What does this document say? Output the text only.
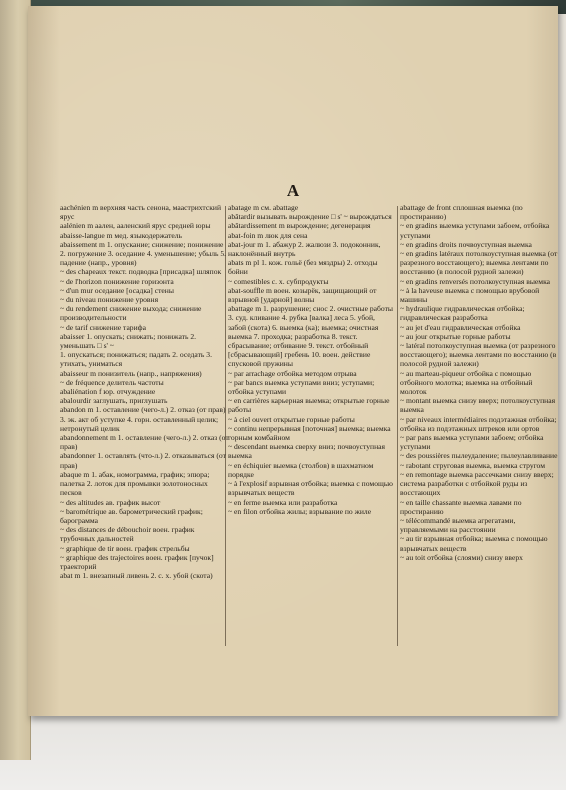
A

aachénien m верхняя часть сенона, маастрихтский ярус

aalénien m аален, ааленский ярус средней юры

abaisse-langue m мед. языкодержатель

abaissement m 1. опускание; снижение; понижение 2. погружение 3. оседание 4. уменьшение; убыль 5. падение (напр., уровня)

~ des chapeaux текст. подводка [присадка] шляпок

~ de l'horizon понижение горизонта

~ d'un mur оседание [осадка] стены

~ du niveau понижение уровня

~ du rendement снижение выхода; снижение производительности

~ de tarif снижение тарифа

abaisser 1. опускать; снижать; понижать 2. уменьшать □ s' ~

1. опускаться; понижаться; падать 2. оседать 3. утихать, униматься

abaisseur m понизитель (напр., напряжения)

~ de fréquence делитель частоты

abaliénation f юр. отчуждение

abalourdir заглушать, приглушать

abandon m 1. оставление (чего-л.) 2. отказ (от прав) 3. эк. акт об уступке 4. горн. оставленный целик; нетронутый целик

abandonnement m 1. оставление (чего-л.) 2. отказ (от прав)

abandonner 1. оставлять (что-л.) 2. отказываться (от прав)

abaque m 1. абак, номограмма, график; эпюра; палетка 2. лоток для промывки золотоносных песков

~ des altitudes ав. график высот

~ barométrique ав. барометрический график; барограмма

~ des distances de débouchoir воен. график трубочных дальностей

~ graphique de tir воен. график стрельбы

~ graphique des trajectoires воен. график [пучок] траекторий

abat m 1. внезапный ливень 2. с. х. убой (скота)

abatage m см. abattage

abâtardir вызывать вырождение □ s' ~ вырождаться

abâtardissement m вырождение; дегенерация

abat-foin m люк для сена

abat-jour m 1. абажур 2. жалюзи 3. подоконник, наклонённый внутрь

abats m pl 1. кож. гольё (без мяздры) 2. отходы бойни

~ comestibles с. х. субпродукты

abat-souffle m воен. козырёк, защищающий от взрывной [ударной] волны

abattage m 1. разрушение; снос 2. очистные работы 3. суд. кливание 4. рубка [валка] леса 5. убой, забой (скота) 6. выемка (ка); выемка; очистная выемка 7. проходка; разработка 8. текст. сбрасывание; отбивание 9. текст. отбойный [сбрасывающий] гребень 10. воен. действие спусковой пружины

~ par arrachage отбойка методом отрыва

~ par bancs выемка уступами вниз; уступами; отбойка уступами

~ en carrières карьерная выемка; открытые горные работы

~ à ciel ouvert открытые горные работы

~ continu непрерывная [поточная] выемка; выемка горным комбайном

~ descendant выемка сверху вниз; почвоуступная выемка

~ en échiquier выемка (столбов) в шахматном порядке

~ à l'explosif взрывная отбойка; выемка с помощью взрывчатых веществ

~ en ferme выемка или разработка

~ en filon отбойка жилы; взрывание по жиле

abattage de front сплошная выемка (по простиранию)

~ en gradins выемка уступами забоем, отбойка уступами

~ en gradins droits почвоуступная выемка

~ en gradins latéraux потолкоуступная выемка (от разрезного восстающего); выемка лентами по восстанию (в полосой рудной залежи)

~ en gradins renversés потолкоуступная выемка

~ à la haveuse выемка с помощью врубовой машины

~ hydraulique гидравлическая отбойка; гидравлическая разработка

~ au jet d'eau гидравлическая отбойка

~ au jour открытые горные работы

~ latéral потолкоуступная выемка (от разрезного восстающего); выемка лентами по восстанию (в полосой рудной залежи)

~ au marteau-piqueur отбойка с помощью отбойного молотка; выемка на отбойный молоток

~ montant выемка снизу вверх; потолкоуступная выемка

~ par niveaux intermédiaires подэтажная отбойка; отбойка из подэтажных штреков или ортов

~ par pans выемка уступами забоем; отбойка уступами

~ des poussières пылеудаление; пылеулавливание

~ rabotant струговая выемка, выемка стругом

~ en remontage выемка рассечками снизу вверх; система разработки с отбойкой руды из восстающих

~ en taille chassante выемка лавами по простиранию

~ télécommandé выемка агрегатами, управляемыми на расстоянии

~ au tir взрывная отбойка; выемка с помощью взрывчатых веществ

~ au toit отбойка (слоями) снизу вверх
